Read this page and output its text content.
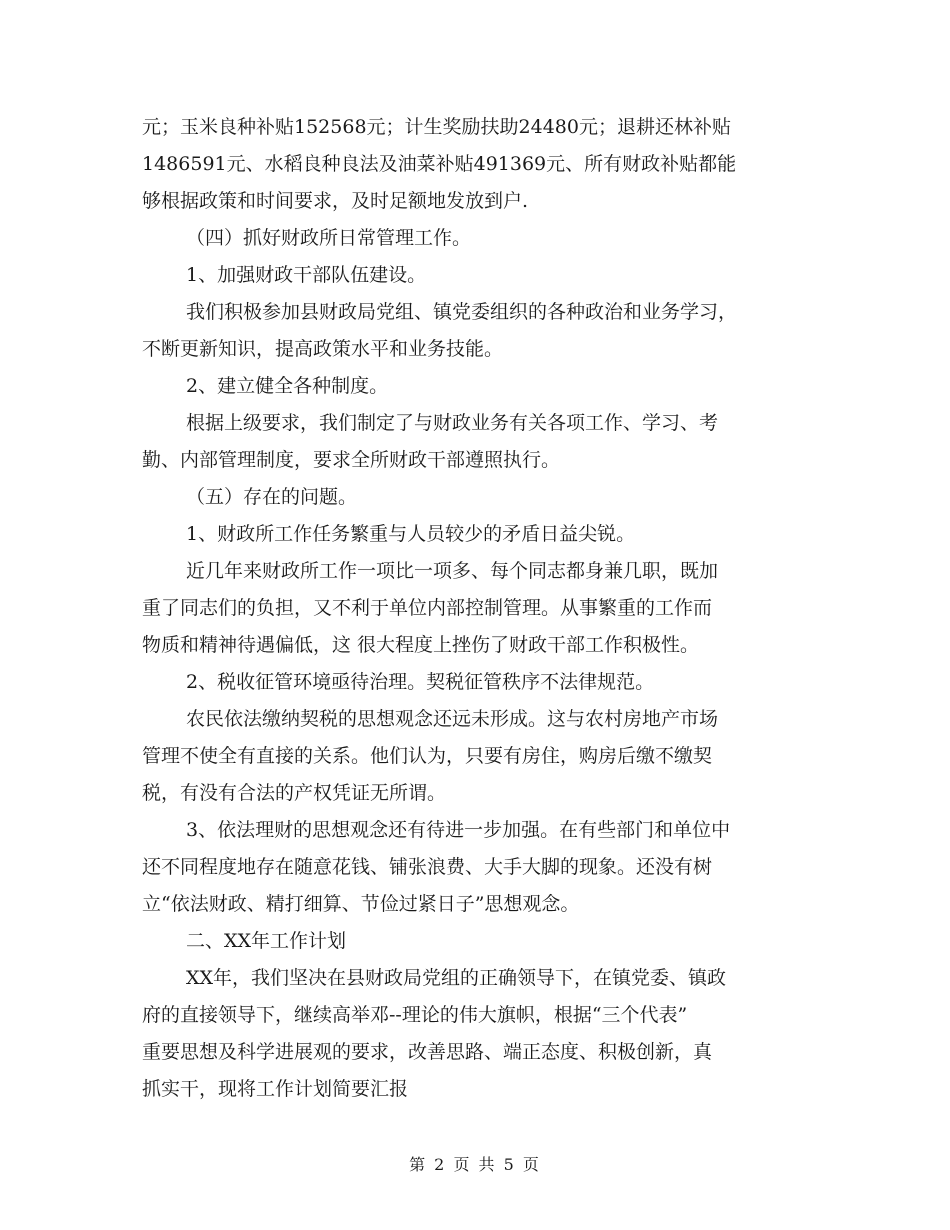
元；玉米良种补贴152568元；计生奖励扶助24480元；退耕还林补贴
1486591元、水稻良种良法及油菜补贴491369元、所有财政补贴都能
够根据政策和时间要求，及时足额地发放到户.
（四）抓好财政所日常管理工作。
1、加强财政干部队伍建设。
我们积极参加县财政局党组、镇党委组织的各种政治和业务学习，
不断更新知识，提高政策水平和业务技能。
2、建立健全各种制度。
根据上级要求，我们制定了与财政业务有关各项工作、学习、考
勤、内部管理制度，要求全所财政干部遵照执行。
（五）存在的问题。
1、财政所工作任务繁重与人员较少的矛盾日益尖锐。
近几年来财政所工作一项比一项多、每个同志都身兼几职，既加
重了同志们的负担，又不利于单位内部控制管理。从事繁重的工作而
物质和精神待遇偏低，这 很大程度上挫伤了财政干部工作积极性。
2、税收征管环境亟待治理。契税征管秩序不法律规范。
农民依法缴纳契税的思想观念还远未形成。这与农村房地产市场
管理不使全有直接的关系。他们认为，只要有房住，购房后缴不缴契
税，有没有合法的产权凭证无所谓。
3、依法理财的思想观念还有待进一步加强。在有些部门和单位中
还不同程度地存在随意花钱、铺张浪费、大手大脚的现象。还没有树
立“依法财政、精打细算、节俭过紧日子”思想观念。
二、XX年工作计划
XX年，我们坚决在县财政局党组的正确领导下，在镇党委、镇政
府的直接领导下，继续高举邓--理论的伟大旗帜，根据“三个代表”
重要思想及科学进展观的要求，改善思路、端正态度、积极创新，真
抓实干，现将工作计划简要汇报
第 2 页 共 5 页
